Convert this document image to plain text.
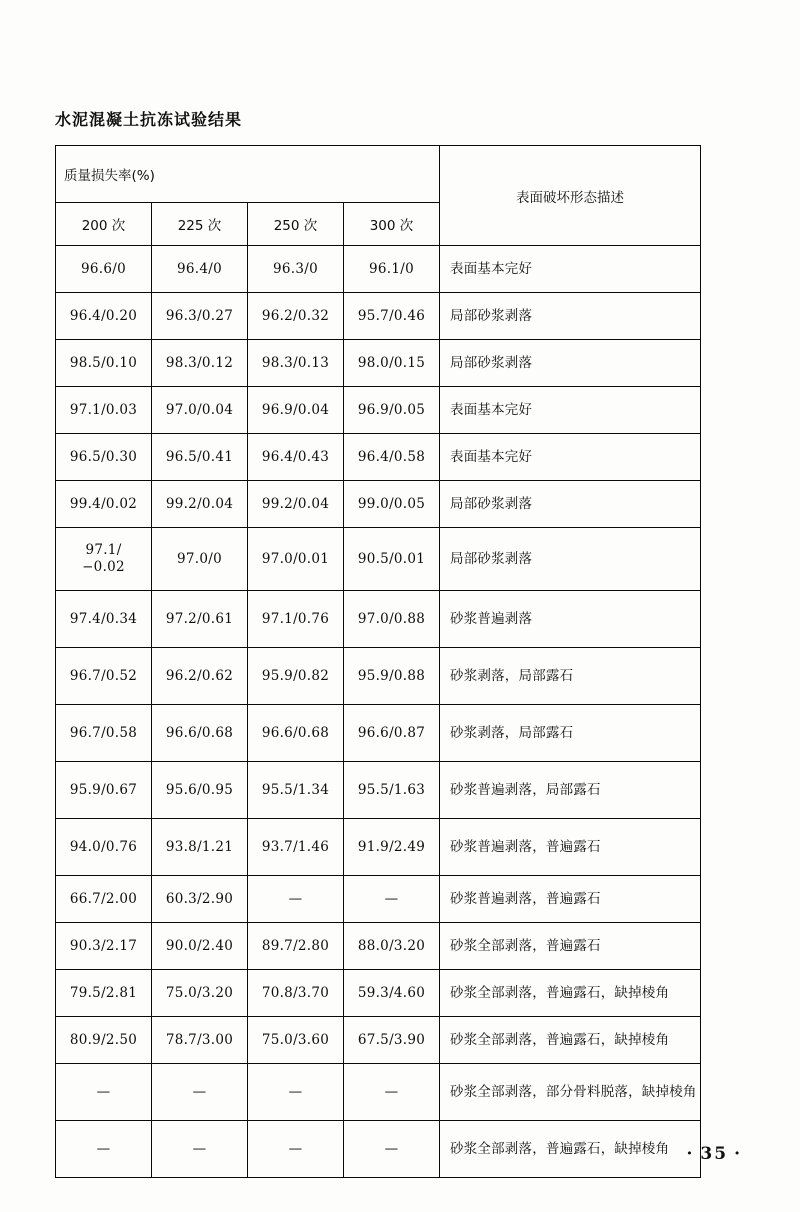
水泥混凝土抗冻试验结果
质量损失率(%)				表面破坏形态描述
200 次	225 次	250 次	300 次	
96.6/0	96.4/0	96.3/0	96.1/0	表面基本完好
96.4/0.20	96.3/0.27	96.2/0.32	95.7/0.46	局部砂浆剥落
98.5/0.10	98.3/0.12	98.3/0.13	98.0/0.15	局部砂浆剥落
97.1/0.03	97.0/0.04	96.9/0.04	96.9/0.05	表面基本完好
96.5/0.30	96.5/0.41	96.4/0.43	96.4/0.58	表面基本完好
99.4/0.02	99.2/0.04	99.2/0.04	99.0/0.05	局部砂浆剥落

97.1/
−0.02	97.0/0	97.0/0.01	90.5/0.01	局部砂浆剥落
97.4/0.34	97.2/0.61	97.1/0.76	97.0/0.88	砂浆普遍剥落
96.7/0.52	96.2/0.62	95.9/0.82	95.9/0.88	砂浆剥落，局部露石
96.7/0.58	96.6/0.68	96.6/0.68	96.6/0.87	砂浆剥落，局部露石
95.9/0.67	95.6/0.95	95.5/1.34	95.5/1.63	砂浆普遍剥落，局部露石
94.0/0.76	93.8/1.21	93.7/1.46	91.9/2.49	砂浆普遍剥落，普遍露石
66.7/2.00	60.3/2.90	—	—	砂浆普遍剥落，普遍露石
90.3/2.17	90.0/2.40	89.7/2.80	88.0/3.20	砂浆全部剥落，普遍露石
79.5/2.81	75.0/3.20	70.8/3.70	59.3/4.60	砂浆全部剥落，普遍露石，缺掉棱角
80.9/2.50	78.7/3.00	75.0/3.60	67.5/3.90	砂浆全部剥落，普遍露石，缺掉棱角
—	—	—	—	砂浆全部剥落，部分骨料脱落，缺掉棱角
—	—	—	—	砂浆全部剥落，普遍露石，缺掉棱角	· 35 ·
